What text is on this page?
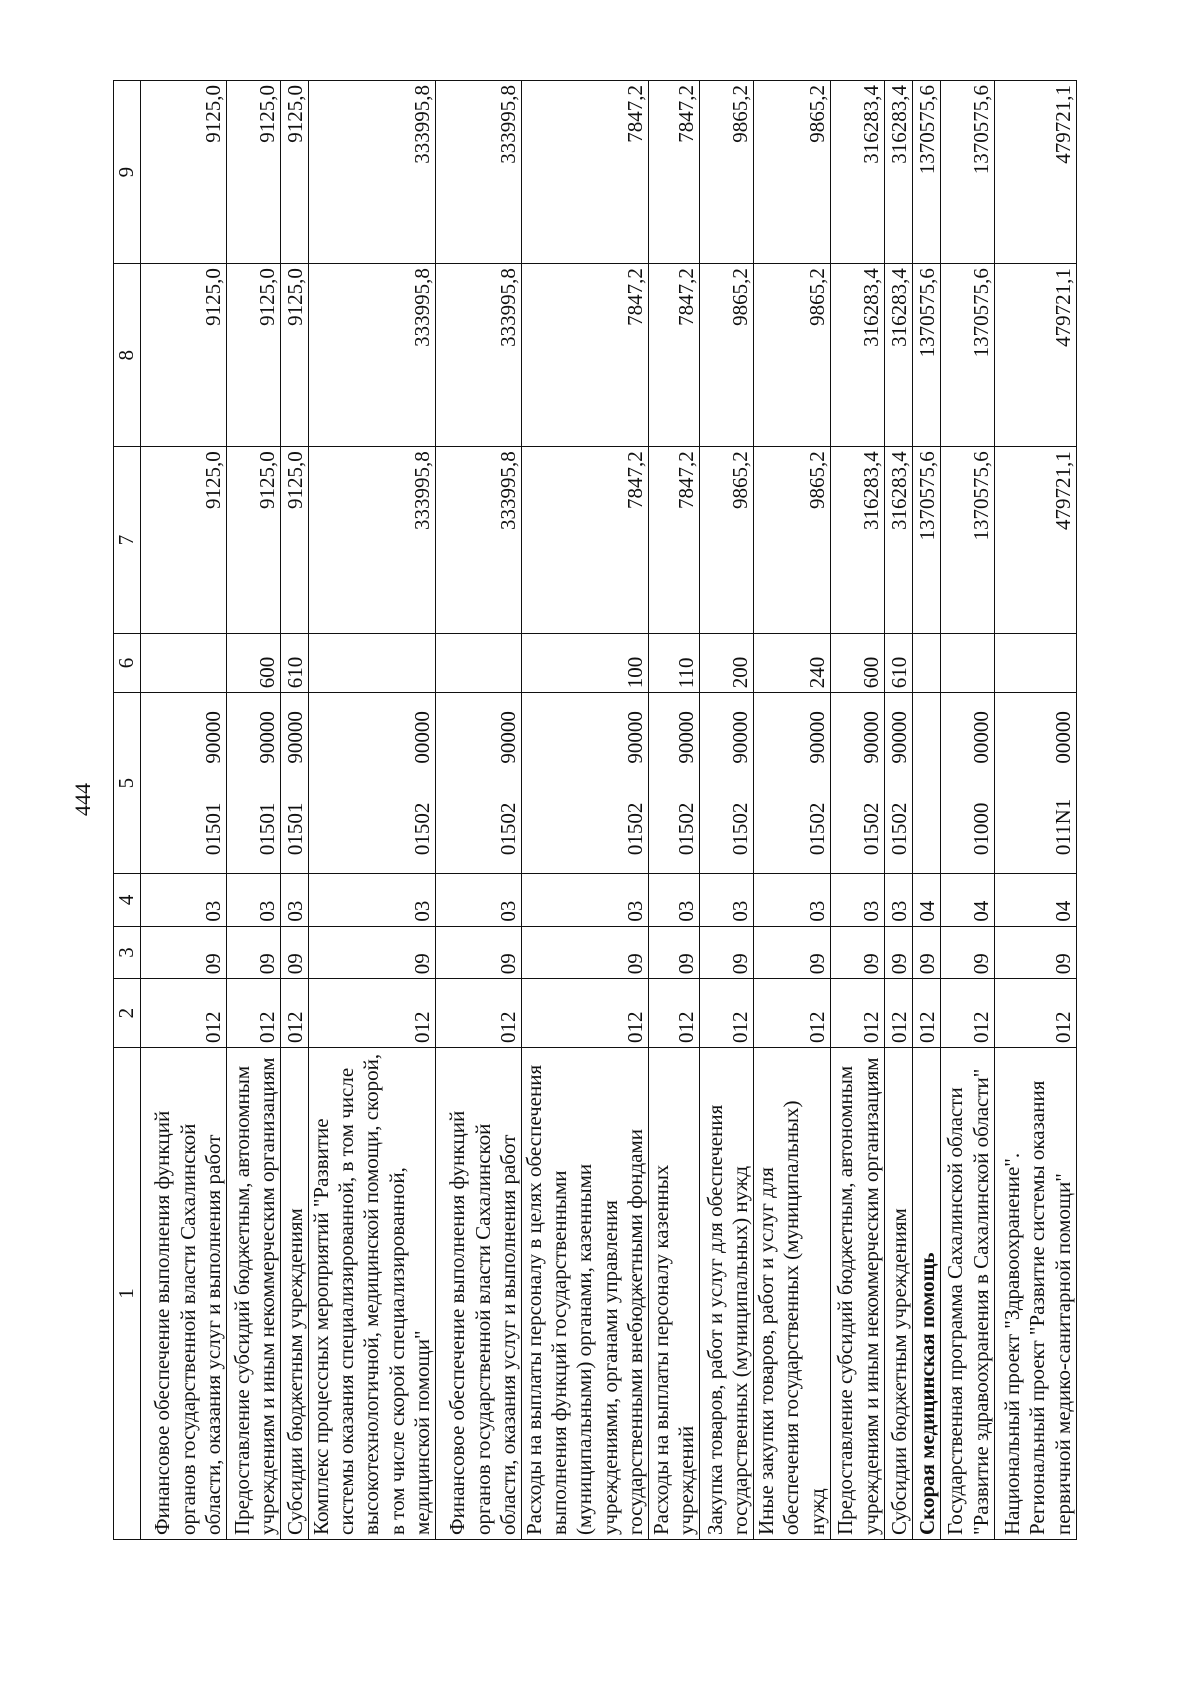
444
1	2	3	4	5	6	7	8	9
Финансовое обеспечение выполнения функций органов государственной власти Сахалинской области, оказания услуг и выполнения работ	012	09	03	0150190000		9125,0	9125,0	9125,0
Предоставление субсидий бюджетным, автономным учреждениям и иным некоммерческим организациям	012	09	03	0150190000	600	9125,0	9125,0	9125,0
Субсидии бюджетным учреждениям	012	09	03	0150190000	610	9125,0	9125,0	9125,0
Комплекс процессных мероприятий "Развитие системы оказания специализированной, в том числе высокотехнологичной, медицинской помощи, скорой, в том числе скорой специализированной, медицинской помощи"	012	09	03	0150200000		333995,8	333995,8	333995,8
Финансовое обеспечение выполнения функций органов государственной власти Сахалинской области, оказания услуг и выполнения работ	012	09	03	0150290000		333995,8	333995,8	333995,8
Расходы на выплаты персоналу в целях обеспечения выполнения функций государственными (муниципальными) органами, казенными учреждениями, органами управления государственными внебюджетными фондами	012	09	03	0150290000	100	7847,2	7847,2	7847,2
Расходы на выплаты персоналу казенных учреждений	012	09	03	0150290000	110	7847,2	7847,2	7847,2
Закупка товаров, работ и услуг для обеспечения государственных (муниципальных) нужд	012	09	03	0150290000	200	9865,2	9865,2	9865,2
Иные закупки товаров, работ и услуг для обеспечения государственных (муниципальных) нужд	012	09	03	0150290000	240	9865,2	9865,2	9865,2
Предоставление субсидий бюджетным, автономным учреждениям и иным некоммерческим организациям	012	09	03	0150290000	600	316283,4	316283,4	316283,4
Субсидии бюджетным учреждениям	012	09	03	0150290000	610	316283,4	316283,4	316283,4
Скорая медицинская помощь	012	09	04			1370575,6	1370575,6	1370575,6
Государственная программа Сахалинской области "Развитие здравоохранения в Сахалинской области"	012	09	04	0100000000		1370575,6	1370575,6	1370575,6
Национальный проект "Здравоохранение". Региональный проект "Развитие системы оказания первичной медико-санитарной помощи"	012	09	04	011N100000		479721,1	479721,1	479721,1
